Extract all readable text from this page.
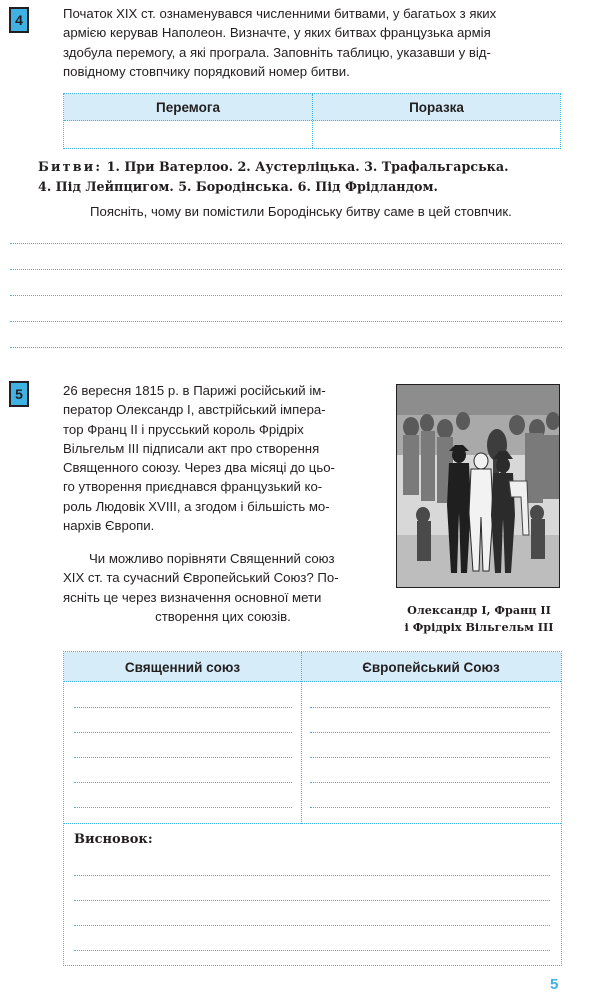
4	Початок XIX ст. ознаменувався численними битвами, у багатьох з яких

армією керував Наполеон. Визначте, у яких битвах французька армія

здобула перемогу, а які програла. Заповніть таблицю, указавши у від-

повідному стовпчику порядковий номер битви.

Перемога	Поразка
Битви: 1. При Ватерлоо. 2. Аустерліцька. 3. Трафальгарська.
4. Під Лейпцигом. 5. Бородінська. 6. Під Фрідландом.

Поясніть, чому ви помістили Бородінську битву саме в цей стовпчик.

5	26 вересня 1815 р. в Парижі російський ім-

ператор Олександр І, австрійський імпера-

тор Франц ІІ і прусський король Фрідріх

Вільгельм ІІІ підписали акт про створення

Священного союзу. Через два місяці до цьо-

го утворення приєднався французький ко-

роль Людовік XVIII, а згодом і більшість мо-

нархів Європи.

Чи можливо порівняти Священний союз

XIX ст. та сучасний Європейський Союз? По-

ясніть це через визначення основної мети

створення цих союзів.	Олександр І, Франц ІІ
і Фрідріх Вільгельм ІІІ
Священний союз	Європейський Союз
Висновок:
5
